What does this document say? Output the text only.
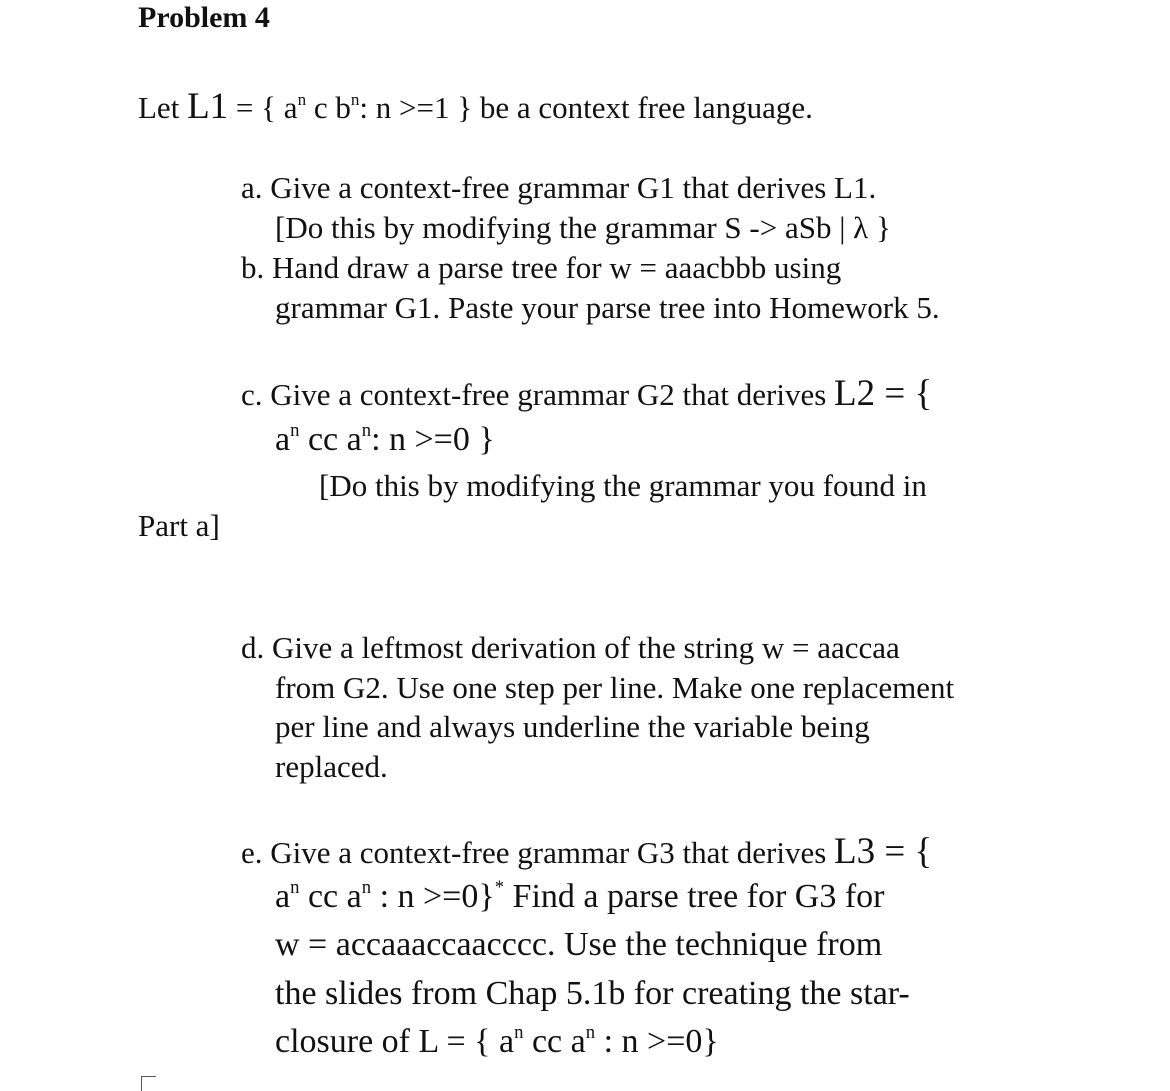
Problem 4
Let L1 = { $a^n$ c $b^n$: n >=1 } be a context free language.
a. Give a context-free grammar G1 that derives L1.
[Do this by modifying the grammar S -> aSb | λ }
b. Hand draw a parse tree for w = aaacbbb using
grammar G1. Paste your parse tree into Homework 5.
c. Give a context-free grammar G2 that derives L2 = {
$a^n$ cc $a^n$: n >=0 }
[Do this by modifying the grammar you found in
Part a]
d. Give a leftmost derivation of the string w = aaccaa
from G2. Use one step per line. Make one replacement
per line and always underline the variable being
replaced.
e. Give a context-free grammar G3 that derives L3 = {
$a^n$ cc $a^n$ : n >=0}* Find a parse tree for G3 for
w = accaaaccaacccc. Use the technique from
the slides from Chap 5.1b for creating the star-
closure of L = { $a^n$ cc $a^n$ : n >=0}
